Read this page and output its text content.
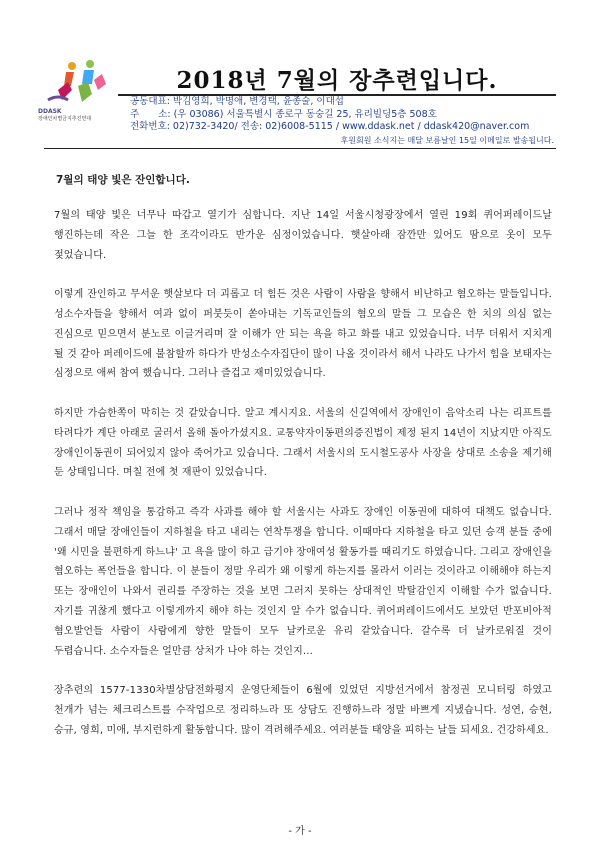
DDASK
장애인차별금지추진연대
2018년 7월의 장추련입니다.
공동대표: 박김영희, 박명애, 변경택, 윤종술, 이대섭
주　　소: (우 03086) 서울특별시 종로구 동숭길 25, 유리빌딩5층 508호
전화번호: 02)732-3420/ 전송: 02)6008-5115 / www.ddask.net / ddask420@naver.com
후원회원 소식지는 매달 보름날인 15일 이메일로 발송됩니다.
7월의 태양 빛은 잔인합니다.

7월의 태양 빛은 너무나 따갑고 열기가 심합니다. 지난 14일 서울시청광장에서 열린 19회 퀴어퍼레이드날 행진하는데 작은 그늘 한 조각이라도 반가운 심정이었습니다. 햇살아래 잠깐만 있어도 땀으로 옷이 모두 젖었습니다.

이렇게 잔인하고 무서운 햇살보다 더 괴롭고 더 힘든 것은 사람이 사람을 향해서 비난하고 혐오하는 말들입니다. 성소수자들을 향해서 여과 없이 퍼붓듯이 쏟아내는 기독교인들의 혐오의 말들 그 모습은 한 치의 의심 없는 진심으로 믿으면서 분노로 이글거리며 잘 이해가 안 되는 욕을 하고 화를 내고 있었습니다. 너무 더워서 지치게 될 것 같아 퍼레이드에 불참할까 하다가 반성소수자집단이 많이 나올 것이라서 해서 나라도 나가서 힘을 보태자는 심정으로 애써 참여 했습니다. 그러나 즐겁고 재미있었습니다.

하지만 가슴한쪽이 막히는 것 같았습니다. 알고 계시지요. 서울의 신길역에서 장애인이 음악소리 나는 리프트를 타려다가 계단 아래로 굴러서 올해 돌아가셨지요. 교통약자이동편의증진법이 제정 된지 14년이 지났지만 아직도 장애인이동권이 되어있지 않아 죽어가고 있습니다. 그래서 서울시의 도시철도공사 사장을 상대로 소송을 제기해 둔 상태입니다. 며칠 전에 첫 재판이 있었습니다.

그러나 정작 책임을 통감하고 즉각 사과를 해야 할 서울시는 사과도 장애인 이동권에 대하여 대책도 없습니다. 그래서 매달 장애인들이 지하철을 타고 내리는 연착투쟁을 합니다. 이때마다 지하철을 타고 있던 승객 분들 중에 '왜 시민을 불편하게 하느냐' 고 욕을 많이 하고 급기야 장애여성 활동가를 때리기도 하였습니다. 그리고 장애인을 혐오하는 폭언들을 합니다. 이 분들이 정말 우리가 왜 이렇게 하는지를 몰라서 이러는 것이라고 이해해야 하는지 또는 장애인이 나와서 권리를 주장하는 것을 보면 그러지 못하는 상대적인 박탈감인지 이해할 수가 없습니다. 자기를 귀찮게 했다고 이렇게까지 해야 하는 것인지 알 수가 없습니다. 퀴어퍼레이드에서도 보았던 반포비아적 혐오발언들 사람이 사람에게 향한 말들이 모두 날카로운 유리 같았습니다. 갈수록 더 날카로워질 것이 두렵습니다. 소수자들은 얼만큼 상처가 나야 하는 것인지...

장추련의 1577-1330차별상담전화평지 운영단체들이 6월에 있었던 지방선거에서 참정권 모니터링 하였고 천개가 넘는 체크리스트를 수작업으로 정리하느라 또 상담도 진행하느라 정말 바쁘게 지냈습니다. 성연, 승현, 승규, 영희, 미애, 부지런하게 활동합니다. 많이 격려해주세요. 여러분들 태양을 피하는 날들 되세요. 건강하세요.

- 가 -
